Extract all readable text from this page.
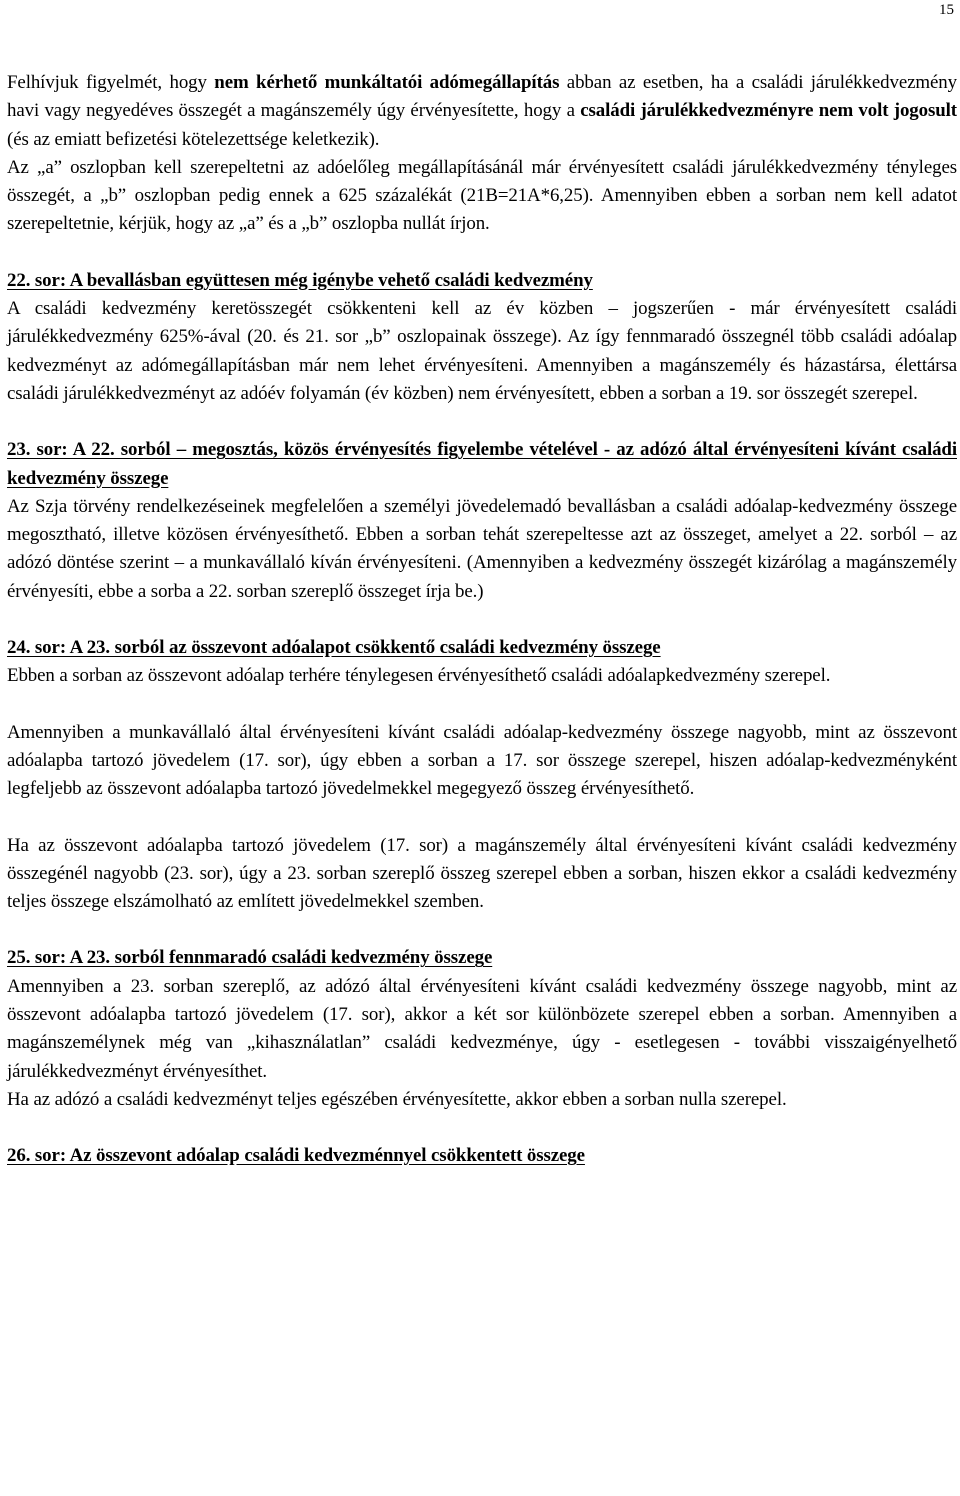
15

Felhívjuk figyelmét, hogy nem kérhető munkáltatói adómegállapítás abban az esetben, ha a családi járulékkedvezmény havi vagy negyedéves összegét a magánszemély úgy érvényesítette, hogy a családi járulékkedvezményre nem volt jogosult (és az emiatt befizetési kötelezettsége keletkezik).

Az „a” oszlopban kell szerepeltetni az adóelőleg megállapításánál már érvényesített családi járulékkedvezmény tényleges összegét, a „b” oszlopban pedig ennek a 625 százalékát (21B=21A*6,25). Amennyiben ebben a sorban nem kell adatot szerepeltetnie, kérjük, hogy az „a” és a „b” oszlopba nullát írjon.

22. sor: A bevallásban együttesen még igénybe vehető családi kedvezmény

A családi kedvezmény keretösszegét csökkenteni kell az év közben – jogszerűen - már érvényesített családi járulékkedvezmény 625%-ával (20. és 21. sor „b” oszlopainak összege). Az így fennmaradó összegnél több családi adóalap kedvezményt az adómegállapításban már nem lehet érvényesíteni. Amennyiben a magánszemély és házastársa, élettársa családi járulékkedvezményt az adóév folyamán (év közben) nem érvényesített, ebben a sorban a 19. sor összegét szerepel.

23. sor: A 22. sorból – megosztás, közös érvényesítés figyelembe vételével - az adózó által érvényesíteni kívánt családi kedvezmény összege

Az Szja törvény rendelkezéseinek megfelelően a személyi jövedelemadó bevallásban a családi adóalap-kedvezmény összege megosztható, illetve közösen érvényesíthető. Ebben a sorban tehát szerepeltesse azt az összeget, amelyet a 22. sorból – az adózó döntése szerint – a munkavállaló kíván érvényesíteni. (Amennyiben a kedvezmény összegét kizárólag a magánszemély érvényesíti, ebbe a sorba a 22. sorban szereplő összeget írja be.)

24. sor: A 23. sorból az összevont adóalapot csökkentő családi kedvezmény összege

Ebben a sorban az összevont adóalap terhére ténylegesen érvényesíthető családi adóalapkedvezmény szerepel.

Amennyiben a munkavállaló által érvényesíteni kívánt családi adóalap-kedvezmény összege nagyobb, mint az összevont adóalapba tartozó jövedelem (17. sor), úgy ebben a sorban a 17. sor összege szerepel, hiszen adóalap-kedvezményként legfeljebb az összevont adóalapba tartozó jövedelmekkel megegyező összeg érvényesíthető.

Ha az összevont adóalapba tartozó jövedelem (17. sor) a magánszemély által érvényesíteni kívánt családi kedvezmény összegénél nagyobb (23. sor), úgy a 23. sorban szereplő összeg szerepel ebben a sorban, hiszen ekkor a családi kedvezmény teljes összege elszámolható az említett jövedelmekkel szemben.

25. sor: A 23. sorból fennmaradó családi kedvezmény összege

Amennyiben a 23. sorban szereplő, az adózó által érvényesíteni kívánt családi kedvezmény összege nagyobb, mint az összevont adóalapba tartozó jövedelem (17. sor), akkor a két sor különbözete szerepel ebben a sorban. Amennyiben a magánszemélynek még van „kihasználatlan” családi kedvezménye, úgy - esetlegesen - további visszaigényelhető járulékkedvezményt érvényesíthet.

Ha az adózó a családi kedvezményt teljes egészében érvényesítette, akkor ebben a sorban nulla szerepel.

26. sor: Az összevont adóalap családi kedvezménnyel csökkentett összege
